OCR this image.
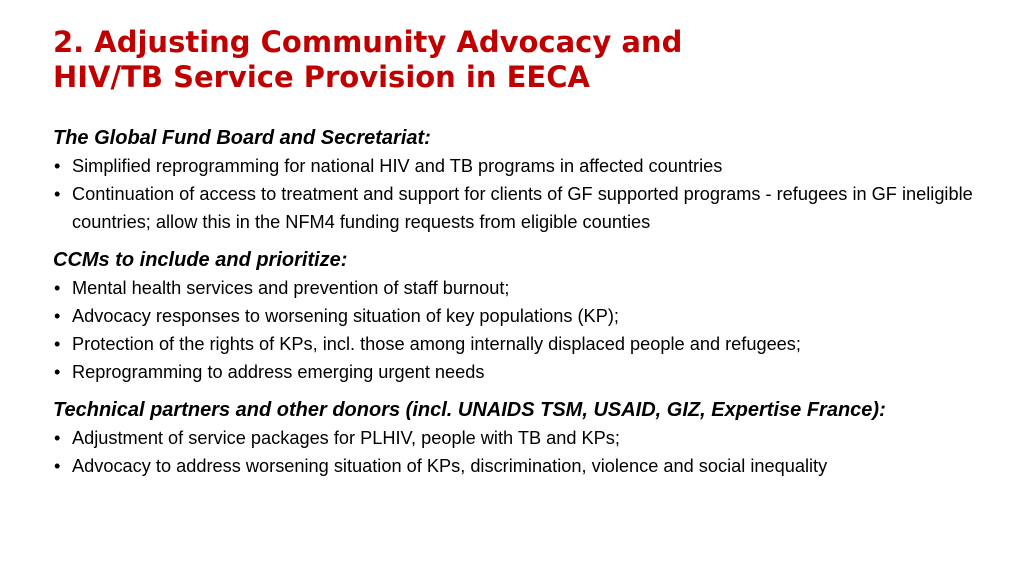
2. Adjusting Community Advocacy and
HIV/TB Service Provision in EECA

The Global Fund Board and Secretariat:

• Simplified reprogramming for national HIV and TB programs in affected countries
• Continuation of access to treatment and support for clients of GF supported programs - refugees in GF ineligible countries; allow this in the NFM4 funding requests from eligible counties

CCMs to include and prioritize:

• Mental health services and prevention of staff burnout;
• Advocacy responses to worsening situation of key populations (KP);
• Protection of the rights of KPs, incl. those among internally displaced people and refugees;
• Reprogramming to address emerging urgent needs

Technical partners and other donors (incl. UNAIDS TSM, USAID, GIZ, Expertise France):

• Adjustment of service packages for PLHIV, people with TB and KPs;
• Advocacy to address worsening situation of KPs, discrimination, violence and social inequality
